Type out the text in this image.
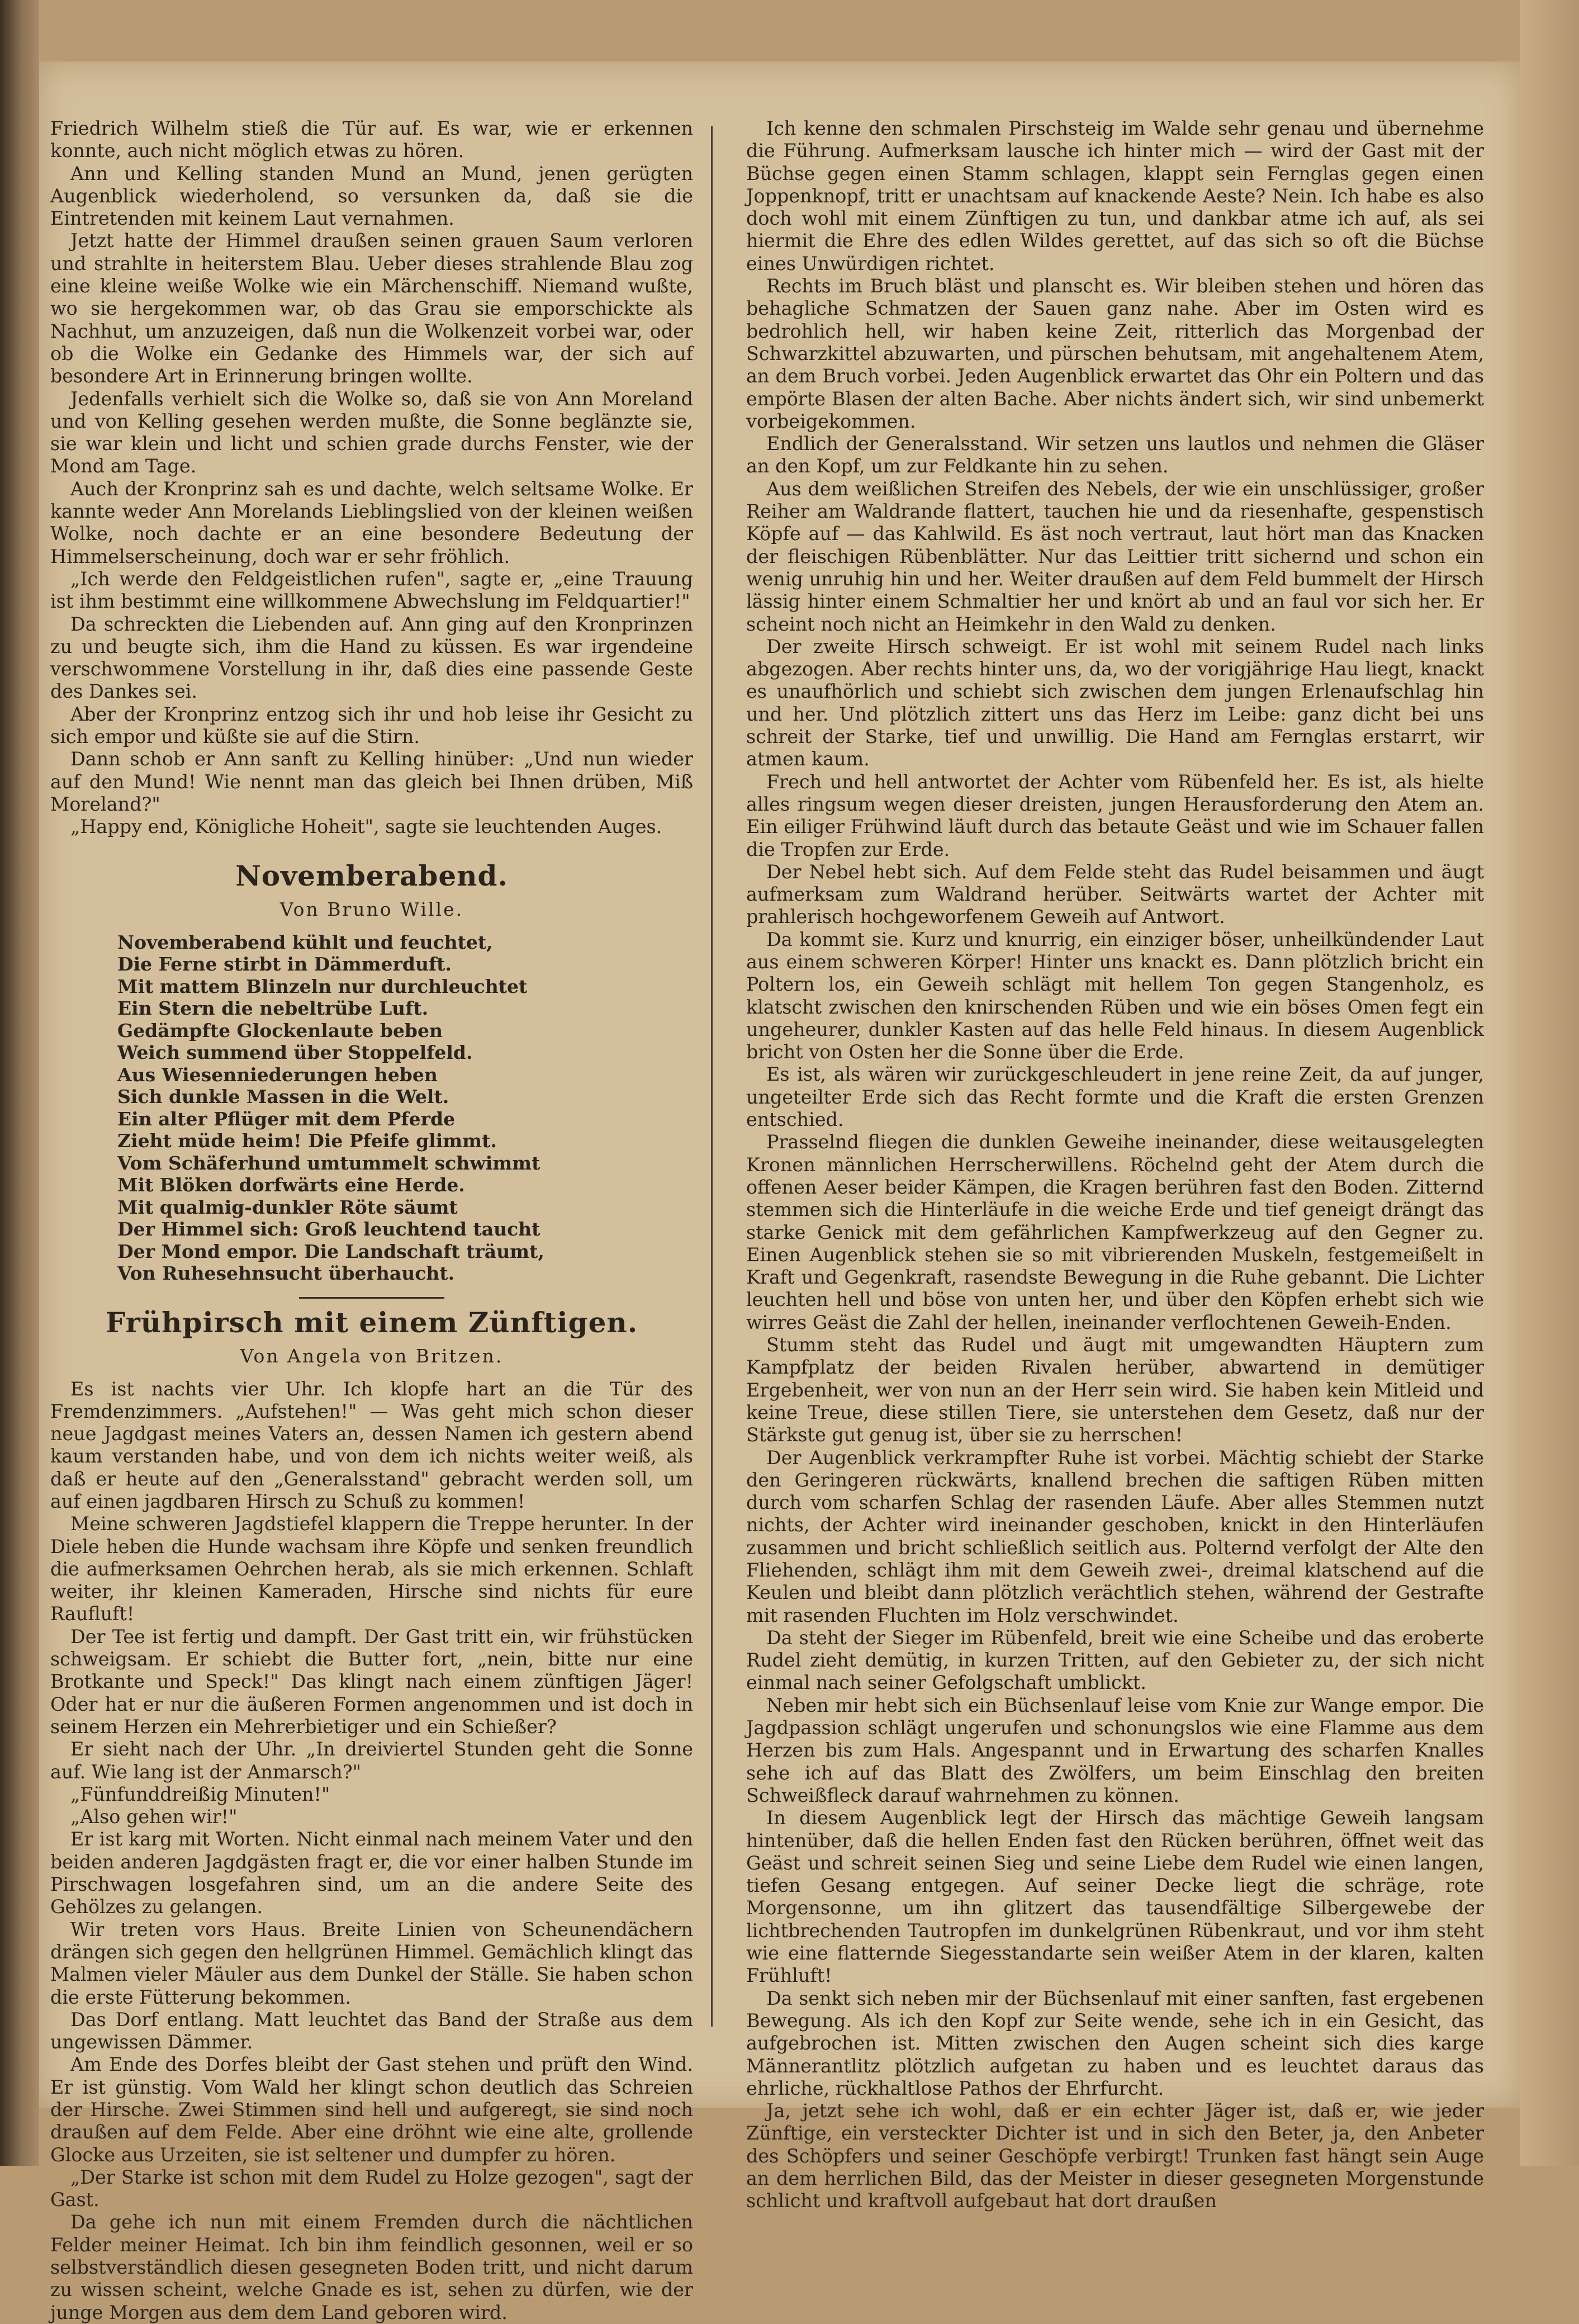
Friedrich Wilhelm stieß die Tür auf. Es war, wie er erkennen konnte, auch nicht möglich etwas zu hören.

Ann und Kelling standen Mund an Mund, jenen gerügten Augenblick wiederholend, so versunken da, daß sie die Eintretenden mit keinem Laut vernahmen.

Jetzt hatte der Himmel draußen seinen grauen Saum verloren und strahlte in heiterstem Blau. Ueber dieses strahlende Blau zog eine kleine weiße Wolke wie ein Märchenschiff. Niemand wußte, wo sie hergekommen war, ob das Grau sie emporschickte als Nachhut, um anzuzeigen, daß nun die Wolkenzeit vorbei war, oder ob die Wolke ein Gedanke des Himmels war, der sich auf besondere Art in Erinnerung bringen wollte.

Jedenfalls verhielt sich die Wolke so, daß sie von Ann Moreland und von Kelling gesehen werden mußte, die Sonne beglänzte sie, sie war klein und licht und schien grade durchs Fenster, wie der Mond am Tage.

Auch der Kronprinz sah es und dachte, welch seltsame Wolke. Er kannte weder Ann Morelands Lieblingslied von der kleinen weißen Wolke, noch dachte er an eine besondere Bedeutung der Himmelserscheinung, doch war er sehr fröhlich.

„Ich werde den Feldgeistlichen rufen", sagte er, „eine Trauung ist ihm bestimmt eine willkommene Abwechslung im Feldquartier!"

Da schreckten die Liebenden auf. Ann ging auf den Kronprinzen zu und beugte sich, ihm die Hand zu küssen. Es war irgendeine verschwommene Vorstellung in ihr, daß dies eine passende Geste des Dankes sei.

Aber der Kronprinz entzog sich ihr und hob leise ihr Gesicht zu sich empor und küßte sie auf die Stirn.

Dann schob er Ann sanft zu Kelling hinüber: „Und nun wieder auf den Mund! Wie nennt man das gleich bei Ihnen drüben, Miß Moreland?"

„Happy end, Königliche Hoheit", sagte sie leuchtenden Auges.

Novemberabend.
Von Bruno Wille.
Novemberabend kühlt und feuchtet,
Die Ferne stirbt in Dämmerduft.
Mit mattem Blinzeln nur durchleuchtet
Ein Stern die nebeltrübe Luft.
Gedämpfte Glockenlaute beben
Weich summend über Stoppelfeld.
Aus Wiesenniederungen heben
Sich dunkle Massen in die Welt.
Ein alter Pflüger mit dem Pferde
Zieht müde heim! Die Pfeife glimmt.
Vom Schäferhund umtummelt schwimmt
Mit Blöken dorfwärts eine Herde.
Mit qualmig-dunkler Röte säumt
Der Himmel sich: Groß leuchtend taucht
Der Mond empor. Die Landschaft träumt,
Von Ruhesehnsucht überhaucht.
Frühpirsch mit einem Zünftigen.
Von Angela von Britzen.

Es ist nachts vier Uhr. Ich klopfe hart an die Tür des Fremdenzimmers. „Aufstehen!" — Was geht mich schon dieser neue Jagdgast meines Vaters an, dessen Namen ich gestern abend kaum verstanden habe, und von dem ich nichts weiter weiß, als daß er heute auf den „Generalsstand" gebracht werden soll, um auf einen jagdbaren Hirsch zu Schuß zu kommen!

Meine schweren Jagdstiefel klappern die Treppe herunter. In der Diele heben die Hunde wachsam ihre Köpfe und senken freundlich die aufmerksamen Oehrchen herab, als sie mich erkennen. Schlaft weiter, ihr kleinen Kameraden, Hirsche sind nichts für eure Raufluft!

Der Tee ist fertig und dampft. Der Gast tritt ein, wir frühstücken schweigsam. Er schiebt die Butter fort, „nein, bitte nur eine Brotkante und Speck!" Das klingt nach einem zünftigen Jäger! Oder hat er nur die äußeren Formen angenommen und ist doch in seinem Herzen ein Mehrerbietiger und ein Schießer?

Er sieht nach der Uhr. „In dreiviertel Stunden geht die Sonne auf. Wie lang ist der Anmarsch?"

„Fünfunddreißig Minuten!"

„Also gehen wir!"

Er ist karg mit Worten. Nicht einmal nach meinem Vater und den beiden anderen Jagdgästen fragt er, die vor einer halben Stunde im Pirschwagen losgefahren sind, um an die andere Seite des Gehölzes zu gelangen.

Wir treten vors Haus. Breite Linien von Scheunendächern drängen sich gegen den hellgrünen Himmel. Gemächlich klingt das Malmen vieler Mäuler aus dem Dunkel der Ställe. Sie haben schon die erste Fütterung bekommen.

Das Dorf entlang. Matt leuchtet das Band der Straße aus dem ungewissen Dämmer.

Am Ende des Dorfes bleibt der Gast stehen und prüft den Wind. Er ist günstig. Vom Wald her klingt schon deutlich das Schreien der Hirsche. Zwei Stimmen sind hell und aufgeregt, sie sind noch draußen auf dem Felde. Aber eine dröhnt wie eine alte, grollende Glocke aus Urzeiten, sie ist seltener und dumpfer zu hören.

„Der Starke ist schon mit dem Rudel zu Holze gezogen", sagt der Gast.

Da gehe ich nun mit einem Fremden durch die nächtlichen Felder meiner Heimat. Ich bin ihm feindlich gesonnen, weil er so selbstverständlich diesen gesegneten Boden tritt, und nicht darum zu wissen scheint, welche Gnade es ist, sehen zu dürfen, wie der junge Morgen aus dem dem Land geboren wird.

Ich kenne den schmalen Pirschsteig im Walde sehr genau und übernehme die Führung. Aufmerksam lausche ich hinter mich — wird der Gast mit der Büchse gegen einen Stamm schlagen, klappt sein Fernglas gegen einen Joppenknopf, tritt er unachtsam auf knackende Aeste? Nein. Ich habe es also doch wohl mit einem Zünftigen zu tun, und dankbar atme ich auf, als sei hiermit die Ehre des edlen Wildes gerettet, auf das sich so oft die Büchse eines Unwürdigen richtet.

Rechts im Bruch bläst und planscht es. Wir bleiben stehen und hören das behagliche Schmatzen der Sauen ganz nahe. Aber im Osten wird es bedrohlich hell, wir haben keine Zeit, ritterlich das Morgenbad der Schwarzkittel abzuwarten, und pürschen behutsam, mit angehaltenem Atem, an dem Bruch vorbei. Jeden Augenblick erwartet das Ohr ein Poltern und das empörte Blasen der alten Bache. Aber nichts ändert sich, wir sind unbemerkt vorbeigekommen.

Endlich der Generalsstand. Wir setzen uns lautlos und nehmen die Gläser an den Kopf, um zur Feldkante hin zu sehen.

Aus dem weißlichen Streifen des Nebels, der wie ein unschlüssiger, großer Reiher am Waldrande flattert, tauchen hie und da riesenhafte, gespenstisch Köpfe auf — das Kahlwild. Es äst noch vertraut, laut hört man das Knacken der fleischigen Rübenblätter. Nur das Leittier tritt sichernd und schon ein wenig unruhig hin und her. Weiter draußen auf dem Feld bummelt der Hirsch lässig hinter einem Schmaltier her und knört ab und an faul vor sich her. Er scheint noch nicht an Heimkehr in den Wald zu denken.

Der zweite Hirsch schweigt. Er ist wohl mit seinem Rudel nach links abgezogen. Aber rechts hinter uns, da, wo der vorigjährige Hau liegt, knackt es unaufhörlich und schiebt sich zwischen dem jungen Erlenaufschlag hin und her. Und plötzlich zittert uns das Herz im Leibe: ganz dicht bei uns schreit der Starke, tief und unwillig. Die Hand am Fernglas erstarrt, wir atmen kaum.

Frech und hell antwortet der Achter vom Rübenfeld her. Es ist, als hielte alles ringsum wegen dieser dreisten, jungen Herausforderung den Atem an. Ein eiliger Frühwind läuft durch das betaute Geäst und wie im Schauer fallen die Tropfen zur Erde.

Der Nebel hebt sich. Auf dem Felde steht das Rudel beisammen und äugt aufmerksam zum Waldrand herüber. Seitwärts wartet der Achter mit prahlerisch hochgeworfenem Geweih auf Antwort.

Da kommt sie. Kurz und knurrig, ein einziger böser, unheilkündender Laut aus einem schweren Körper! Hinter uns knackt es. Dann plötzlich bricht ein Poltern los, ein Geweih schlägt mit hellem Ton gegen Stangenholz, es klatscht zwischen den knirschenden Rüben und wie ein böses Omen fegt ein ungeheurer, dunkler Kasten auf das helle Feld hinaus. In diesem Augenblick bricht von Osten her die Sonne über die Erde.

Es ist, als wären wir zurückgeschleudert in jene reine Zeit, da auf junger, ungeteilter Erde sich das Recht formte und die Kraft die ersten Grenzen entschied.

Prasselnd fliegen die dunklen Geweihe ineinander, diese weitausgelegten Kronen männlichen Herrscherwillens. Röchelnd geht der Atem durch die offenen Aeser beider Kämpen, die Kragen berühren fast den Boden. Zitternd stemmen sich die Hinterläufe in die weiche Erde und tief geneigt drängt das starke Genick mit dem gefährlichen Kampfwerkzeug auf den Gegner zu. Einen Augenblick stehen sie so mit vibrierenden Muskeln, festgemeißelt in Kraft und Gegenkraft, rasendste Bewegung in die Ruhe gebannt. Die Lichter leuchten hell und böse von unten her, und über den Köpfen erhebt sich wie wirres Geäst die Zahl der hellen, ineinander verflochtenen Geweih-Enden.

Stumm steht das Rudel und äugt mit umgewandten Häuptern zum Kampfplatz der beiden Rivalen herüber, abwartend in demütiger Ergebenheit, wer von nun an der Herr sein wird. Sie haben kein Mitleid und keine Treue, diese stillen Tiere, sie unterstehen dem Gesetz, daß nur der Stärkste gut genug ist, über sie zu herrschen!

Der Augenblick verkrampfter Ruhe ist vorbei. Mächtig schiebt der Starke den Geringeren rückwärts, knallend brechen die saftigen Rüben mitten durch vom scharfen Schlag der rasenden Läufe. Aber alles Stemmen nutzt nichts, der Achter wird ineinander geschoben, knickt in den Hinterläufen zusammen und bricht schließlich seitlich aus. Polternd verfolgt der Alte den Fliehenden, schlägt ihm mit dem Geweih zwei-, dreimal klatschend auf die Keulen und bleibt dann plötzlich verächtlich stehen, während der Gestrafte mit rasenden Fluchten im Holz verschwindet.

Da steht der Sieger im Rübenfeld, breit wie eine Scheibe und das eroberte Rudel zieht demütig, in kurzen Tritten, auf den Gebieter zu, der sich nicht einmal nach seiner Gefolgschaft umblickt.

Neben mir hebt sich ein Büchsenlauf leise vom Knie zur Wange empor. Die Jagdpassion schlägt ungerufen und schonungslos wie eine Flamme aus dem Herzen bis zum Hals. Angespannt und in Erwartung des scharfen Knalles sehe ich auf das Blatt des Zwölfers, um beim Einschlag den breiten Schweißfleck darauf wahrnehmen zu können.

In diesem Augenblick legt der Hirsch das mächtige Geweih langsam hintenüber, daß die hellen Enden fast den Rücken berühren, öffnet weit das Geäst und schreit seinen Sieg und seine Liebe dem Rudel wie einen langen, tiefen Gesang entgegen. Auf seiner Decke liegt die schräge, rote Morgensonne, um ihn glitzert das tausendfältige Silbergewebe der lichtbrechenden Tautropfen im dunkelgrünen Rübenkraut, und vor ihm steht wie eine flatternde Siegesstandarte sein weißer Atem in der klaren, kalten Frühluft!

Da senkt sich neben mir der Büchsenlauf mit einer sanften, fast ergebenen Bewegung. Als ich den Kopf zur Seite wende, sehe ich in ein Gesicht, das aufgebrochen ist. Mitten zwischen den Augen scheint sich dies karge Männerantlitz plötzlich aufgetan zu haben und es leuchtet daraus das ehrliche, rückhaltlose Pathos der Ehrfurcht.

Ja, jetzt sehe ich wohl, daß er ein echter Jäger ist, daß er, wie jeder Zünftige, ein versteckter Dichter ist und in sich den Beter, ja, den Anbeter des Schöpfers und seiner Geschöpfe verbirgt! Trunken fast hängt sein Auge an dem herrlichen Bild, das der Meister in dieser gesegneten Morgenstunde schlicht und kraftvoll aufgebaut hat dort draußen
